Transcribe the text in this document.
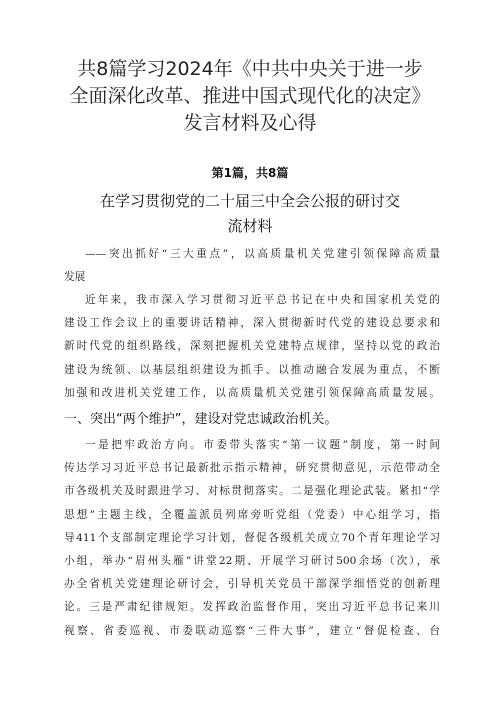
共8篇学习2024年《中共中央关于进一步
全面深化改革、推进中国式现代化的决定》
发言材料及心得
第1篇，共8篇
在学习贯彻党的二十届三中全会公报的研讨交
流材料
——突出抓好“三大重点”，以高质量机关党建引领保障高质量
发展
近年来，我市深入学习贯彻习近平总书记在中央和国家机关党的
建设工作会议上的重要讲话精神，深入贯彻新时代党的建设总要求和
新时代党的组织路线，深刻把握机关党建特点规律，坚持以党的政治
建设为统领、以基层组织建设为抓手、以推动融合发展为重点，不断
加强和改进机关党建工作，以高质量机关党建引领保障高质量发展。
一、突出“两个维护”，建设对党忠诚政治机关。
一是把牢政治方向。市委带头落实“第一议题”制度，第一时间
传达学习习近平总书记最新批示指示精神，研究贯彻意见，示范带动全
市各级机关及时跟进学习、对标贯彻落实。二是强化理论武装。紧扣“学
思想”主题主线，全覆盖派员列席旁听党组（党委）中心组学习，指
导411个支部制定理论学习计划，督促各级机关成立70个青年理论学习
小组，举办“眉州头雁”讲堂22期、开展学习研讨500余场（次），承
办全省机关党建理论研讨会，引导机关党员干部深学细悟党的创新理
论。三是严肃纪律规矩。发挥政治监督作用，突出习近平总书记来川
视察、省委巡视、市委联动巡察“三件大事”，建立“督促检查、台
